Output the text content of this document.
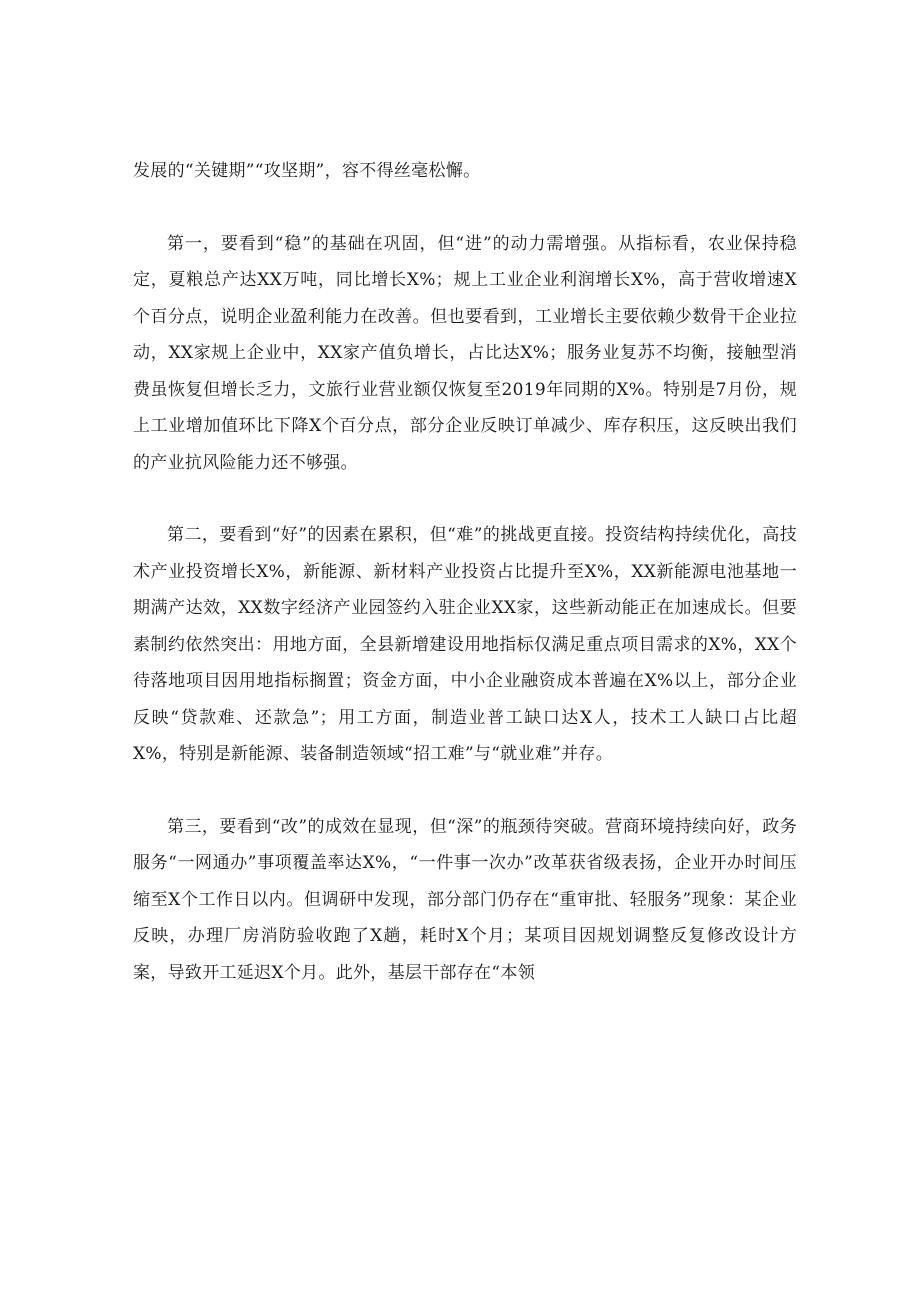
发展的“关键期”“攻坚期”，容不得丝毫松懈。

第一，要看到“稳”的基础在巩固，但“进”的动力需增强。从指标看，农业保持稳定，夏粮总产达XX万吨，同比增长X%；规上工业企业利润增长X%，高于营收增速X个百分点，说明企业盈利能力在改善。但也要看到，工业增长主要依赖少数骨干企业拉动，XX家规上企业中，XX家产值负增长，占比达X%；服务业复苏不均衡，接触型消费虽恢复但增长乏力，文旅行业营业额仅恢复至2019年同期的X%。特别是7月份，规上工业增加值环比下降X个百分点，部分企业反映订单减少、库存积压，这反映出我们的产业抗风险能力还不够强。

第二，要看到“好”的因素在累积，但“难”的挑战更直接。投资结构持续优化，高技术产业投资增长X%，新能源、新材料产业投资占比提升至X%，XX新能源电池基地一期满产达效，XX数字经济产业园签约入驻企业XX家，这些新动能正在加速成长。但要素制约依然突出：用地方面，全县新增建设用地指标仅满足重点项目需求的X%，XX个待落地项目因用地指标搁置；资金方面，中小企业融资成本普遍在X%以上，部分企业反映“贷款难、还款急”；用工方面，制造业普工缺口达X人，技术工人缺口占比超X%，特别是新能源、装备制造领域“招工难”与“就业难”并存。

第三，要看到“改”的成效在显现，但“深”的瓶颈待突破。营商环境持续向好，政务服务“一网通办”事项覆盖率达X%，“一件事一次办”改革获省级表扬，企业开办时间压缩至X个工作日以内。但调研中发现，部分部门仍存在“重审批、轻服务”现象：某企业反映，办理厂房消防验收跑了X趟，耗时X个月；某项目因规划调整反复修改设计方案，导致开工延迟X个月。此外，基层干部存在“本领
